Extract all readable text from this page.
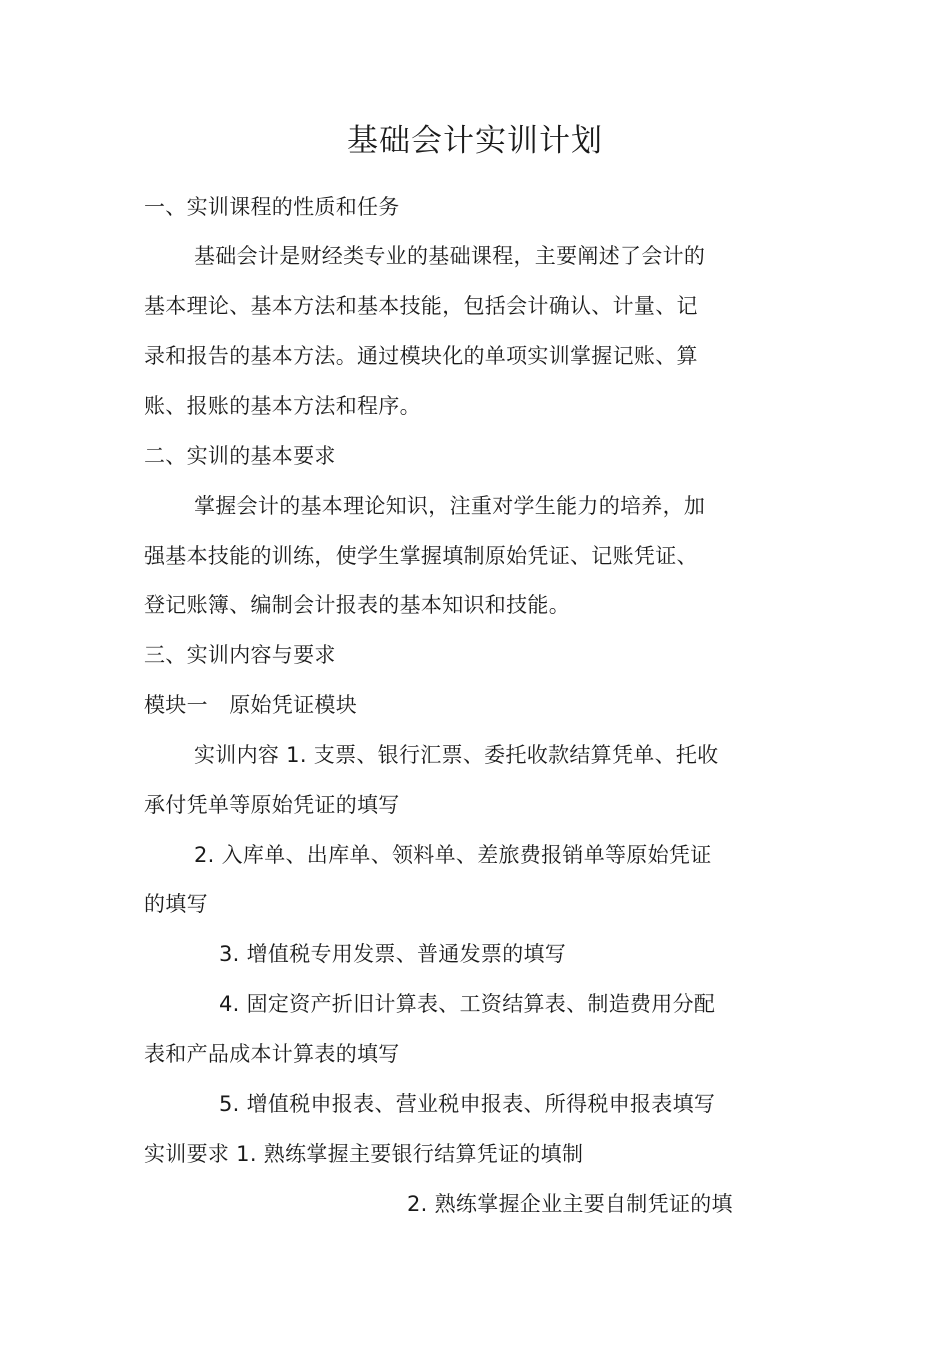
基础会计实训计划
一、实训课程的性质和任务
基础会计是财经类专业的基础课程，主要阐述了会计的
基本理论、基本方法和基本技能，包括会计确认、计量、记
录和报告的基本方法。通过模块化的单项实训掌握记账、算
账、报账的基本方法和程序。
二、实训的基本要求
掌握会计的基本理论知识，注重对学生能力的培养，加
强基本技能的训练，使学生掌握填制原始凭证、记账凭证、
登记账簿、编制会计报表的基本知识和技能。
三、实训内容与要求
模块一　原始凭证模块
实训内容 1. 支票、银行汇票、委托收款结算凭单、托收
承付凭单等原始凭证的填写
2. 入库单、出库单、领料单、差旅费报销单等原始凭证
的填写
3. 增值税专用发票、普通发票的填写
4. 固定资产折旧计算表、工资结算表、制造费用分配
表和产品成本计算表的填写
5. 增值税申报表、营业税申报表、所得税申报表填写
实训要求 1. 熟练掌握主要银行结算凭证的填制
2. 熟练掌握企业主要自制凭证的填
